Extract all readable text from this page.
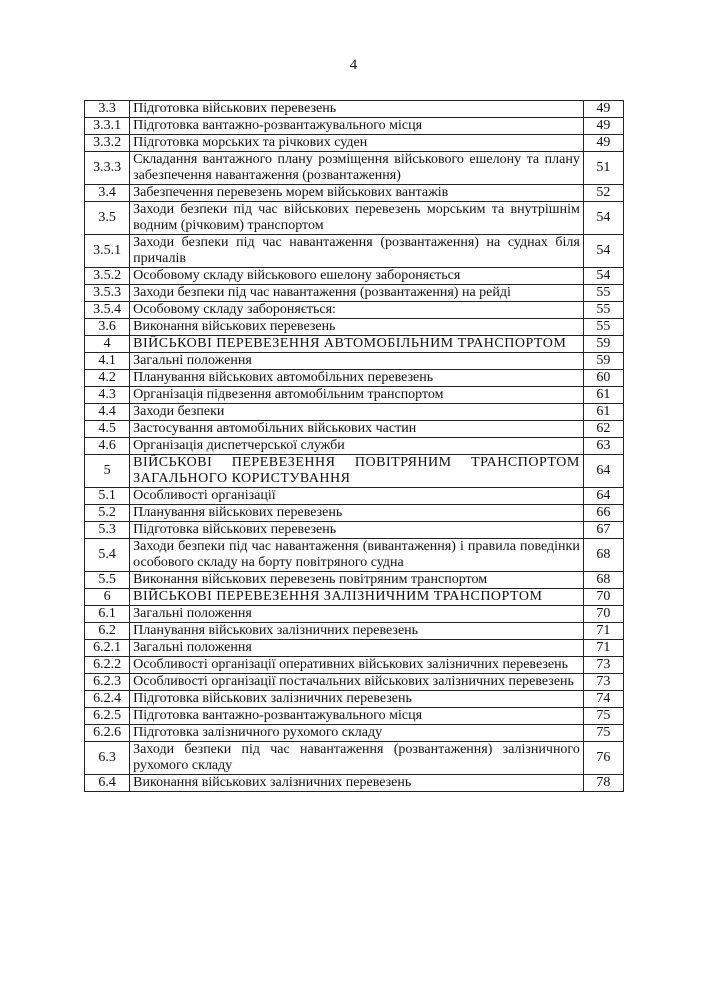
4
3.3	Підготовка військових перевезень	49
3.3.1	Підготовка вантажно-розвантажувального місця	49
3.3.2	Підготовка морських та річкових суден	49
3.3.3	Складання вантажного плану розміщення військового ешелону та плану забезпечення навантаження (розвантаження)	51
3.4	Забезпечення перевезень морем військових вантажів	52
3.5	Заходи безпеки під час військових перевезень морським та внутрішнім водним (річковим) транспортом	54
3.5.1	Заходи безпеки під час навантаження (розвантаження) на суднах біля причалів	54
3.5.2	Особовому складу військового ешелону забороняється	54
3.5.3	Заходи безпеки під час навантаження (розвантаження) на рейді	55
3.5.4	Особовому складу забороняється:	55
3.6	Виконання військових перевезень	55
4	ВІЙСЬКОВІ ПЕРЕВЕЗЕННЯ АВТОМОБІЛЬНИМ ТРАНСПОРТОМ	59
4.1	Загальні положення	59
4.2	Планування військових автомобільних перевезень	60
4.3	Організація підвезення автомобільним транспортом	61
4.4	Заходи безпеки	61
4.5	Застосування автомобільних військових частин	62
4.6	Організація диспетчерської служби	63
5	ВІЙСЬКОВІ ПЕРЕВЕЗЕННЯ ПОВІТРЯНИМ ТРАНСПОРТОМ ЗАГАЛЬНОГО КОРИСТУВАННЯ	64
5.1	Особливості організації	64
5.2	Планування військових перевезень	66
5.3	Підготовка військових перевезень	67
5.4	Заходи безпеки під час навантаження (вивантаження) і правила поведінки особового складу на борту повітряного судна	68
5.5	Виконання військових перевезень повітряним транспортом	68
6	ВІЙСЬКОВІ ПЕРЕВЕЗЕННЯ ЗАЛІЗНИЧНИМ ТРАНСПОРТОМ	70
6.1	Загальні положення	70
6.2	Планування військових залізничних перевезень	71
6.2.1	Загальні положення	71
6.2.2	Особливості організації оперативних військових залізничних перевезень	73
6.2.3	Особливості організації постачальних військових залізничних перевезень	73
6.2.4	Підготовка військових залізничних перевезень	74
6.2.5	Підготовка вантажно-розвантажувального місця	75
6.2.6	Підготовка залізничного рухомого складу	75
6.3	Заходи безпеки під час навантаження (розвантаження) залізничного рухомого складу	76
6.4	Виконання військових залізничних перевезень	78
